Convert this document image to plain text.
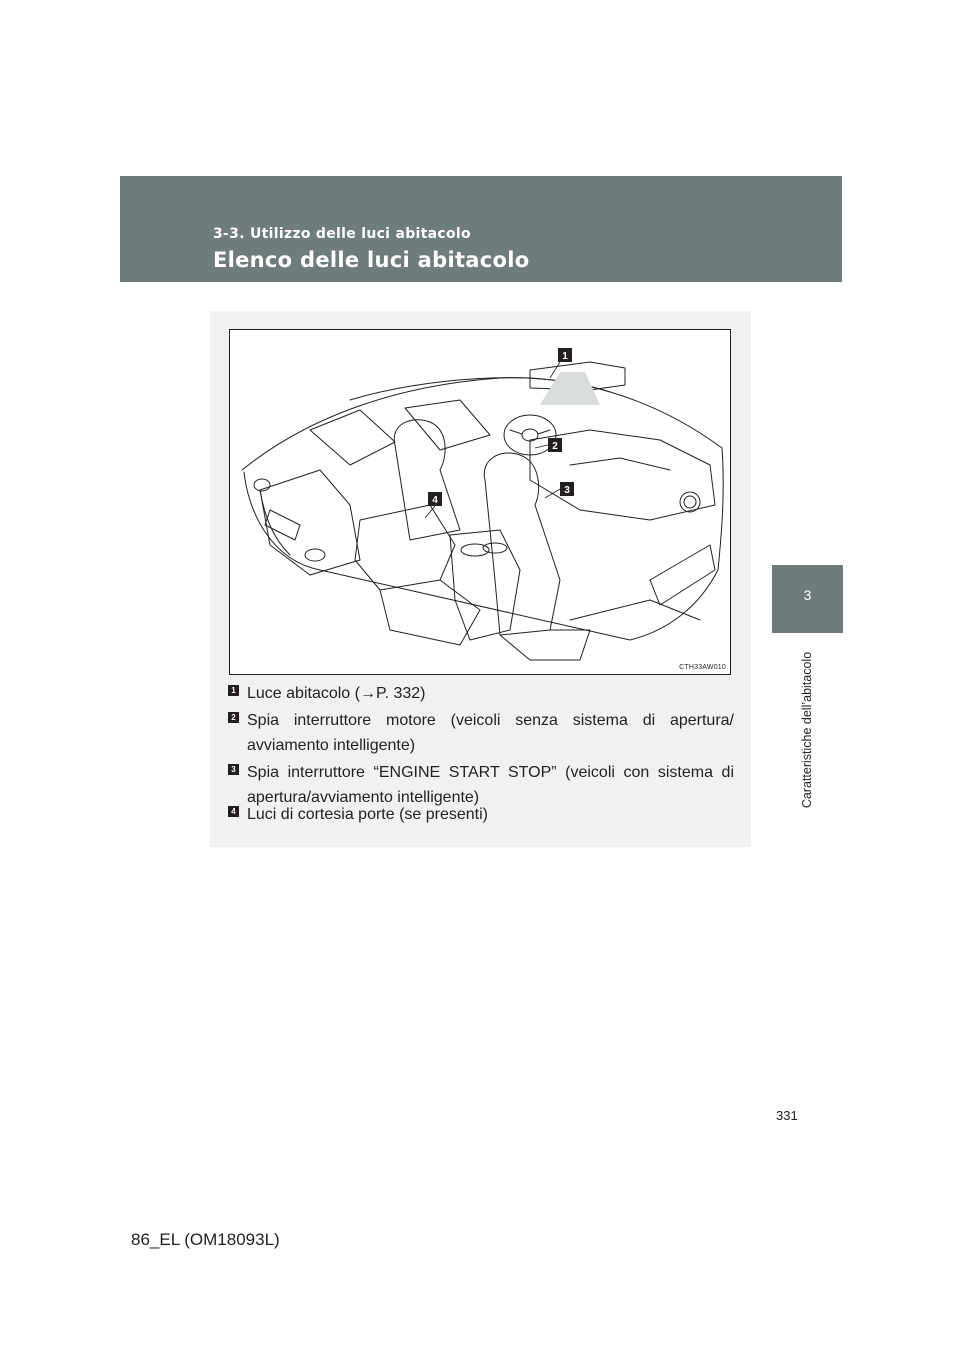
3-3. Utilizzo delle luci abitacolo
Elenco delle luci abitacolo
3
Caratteristiche dell’abitacolo
1
2
3
4
CTH33AW010
1 Luce abitacolo (→P. 332)
2 Spia interruttore motore (veicoli senza sistema di apertura/ avviamento intelligente)
3 Spia interruttore “ENGINE START STOP” (veicoli con sistema di apertura/avviamento intelligente)
4 Luci di cortesia porte (se presenti)
331
86_EL (OM18093L)
